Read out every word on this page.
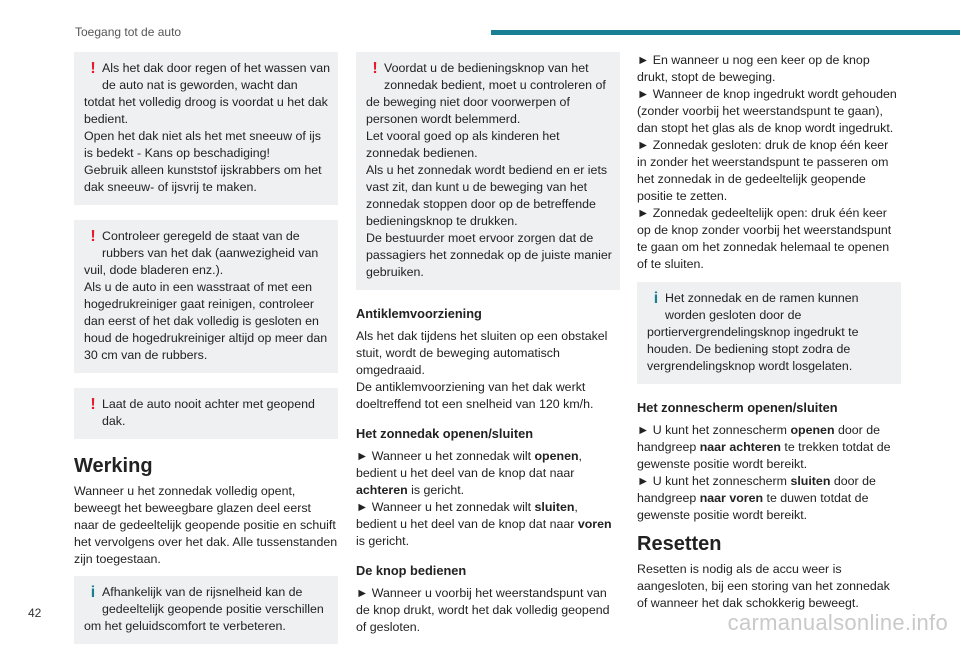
Toegang tot de auto
! Als het dak door regen of het wassen van de auto nat is geworden, wacht dan

totdat het volledig droog is voordat u het dak bedient.

Open het dak niet als het met sneeuw of ijs is bedekt - Kans op beschadiging!

Gebruik alleen kunststof ijskrabbers om het dak sneeuw- of ijsvrij te maken.

! Controleer geregeld de staat van de rubbers van het dak (aanwezigheid van

vuil, dode bladeren enz.).

Als u de auto in een wasstraat of met een hogedrukreiniger gaat reinigen, controleer dan eerst of het dak volledig is gesloten en houd de hogedrukreiniger altijd op meer dan 30 cm van de rubbers.

! Laat de auto nooit achter met geopend dak.

Werking

Wanneer u het zonnedak volledig opent, beweegt het beweegbare glazen deel eerst naar de gedeeltelijk geopende positie en schuift het vervolgens over het dak. Alle tussenstanden zijn toegestaan.

i Afhankelijk van de rijsnelheid kan de gedeeltelijk geopende positie verschillen

om het geluidscomfort te verbeteren.

! Voordat u de bedieningsknop van het zonnedak bedient, moet u controleren of

de beweging niet door voorwerpen of personen wordt belemmerd.

Let vooral goed op als kinderen het zonnedak bedienen.

Als u het zonnedak wordt bediend en er iets vast zit, dan kunt u de beweging van het zonnedak stoppen door op de betreffende bedieningsknop te drukken.

De bestuurder moet ervoor zorgen dat de passagiers het zonnedak op de juiste manier gebruiken.

Antiklemvoorziening

Als het dak tijdens het sluiten op een obstakel stuit, wordt de beweging automatisch omgedraaid.

De antiklemvoorziening van het dak werkt doeltreffend tot een snelheid van 120 km/h.

Het zonnedak openen/sluiten

► Wanneer u het zonnedak wilt openen, bedient u het deel van de knop dat naar achteren is gericht.

► Wanneer u het zonnedak wilt sluiten, bedient u het deel van de knop dat naar voren is gericht.

De knop bedienen

► Wanneer u voorbij het weerstandspunt van de knop drukt, wordt het dak volledig geopend of gesloten.

► En wanneer u nog een keer op de knop drukt, stopt de beweging.

► Wanneer de knop ingedrukt wordt gehouden (zonder voorbij het weerstandspunt te gaan), dan stopt het glas als de knop wordt ingedrukt.

► Zonnedak gesloten: druk de knop één keer in zonder het weerstandspunt te passeren om het zonnedak in de gedeeltelijk geopende positie te zetten.

► Zonnedak gedeeltelijk open: druk één keer op de knop zonder voorbij het weerstandspunt te gaan om het zonnedak helemaal te openen of te sluiten.

i Het zonnedak en de ramen kunnen worden gesloten door de

portiervergrendelingsknop ingedrukt te houden. De bediening stopt zodra de vergrendelingsknop wordt losgelaten.

Het zonnescherm openen/sluiten

► U kunt het zonnescherm openen door de handgreep naar achteren te trekken totdat de gewenste positie wordt bereikt.

► U kunt het zonnescherm sluiten door de handgreep naar voren te duwen totdat de gewenste positie wordt bereikt.

Resetten

Resetten is nodig als de accu weer is aangesloten, bij een storing van het zonnedak of wanneer het dak schokkerig beweegt.

42	carmanualsonline.info
